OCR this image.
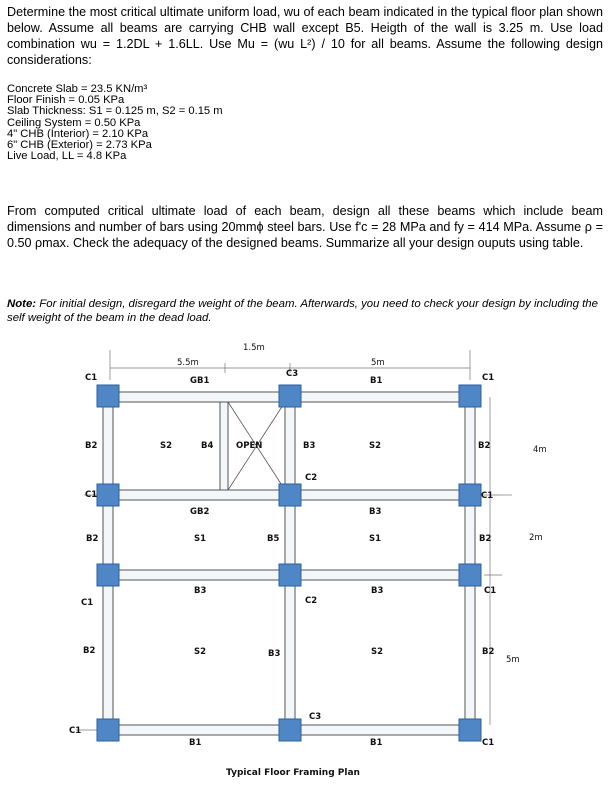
Determine the most critical ultimate uniform load, wu of each beam indicated in the typical floor plan shown below. Assume all beams are carrying CHB wall except B5. Heigth of the wall is 3.25 m. Use load combination wu = 1.2DL + 1.6LL. Use Mu = (wu L²) / 10 for all beams. Assume the following design considerations:

Concrete Slab = 23.5 KN/m³
Floor Finish = 0.05 KPa
Slab Thickness: S1 = 0.125 m, S2 = 0.15 m
Ceiling System = 0.50 KPa
4" CHB (Interior) = 2.10 KPa
6" CHB (Exterior) = 2.73 KPa
Live Load, LL = 4.8 KPa

From computed critical ultimate load of each beam, design all these beams which include beam dimensions and number of bars using 20mmϕ steel bars. Use f'c = 28 MPa and fy = 414 MPa. Assume ρ = 0.50 ρmax. Check the adequacy of the designed beams. Summarize all your design ouputs using table.

Note: For initial design, disregard the weight of the beam. Afterwards, you need to check your design by including the self weight of the beam in the dead load.
5.5m
1.5m
5m
4m
2m
5m
C1	C3	C1
C1	C1
C1	C2
C1
C1
C3
C1
C2
GB1	B1
B2	B4	B3	B2
GB2	B3
B2	B5	B2
B3	B3
B2	B3	B2
B1	B1
S2	S2
S1	S1
S2	S2
OPEN
Typical Floor Framing Plan
